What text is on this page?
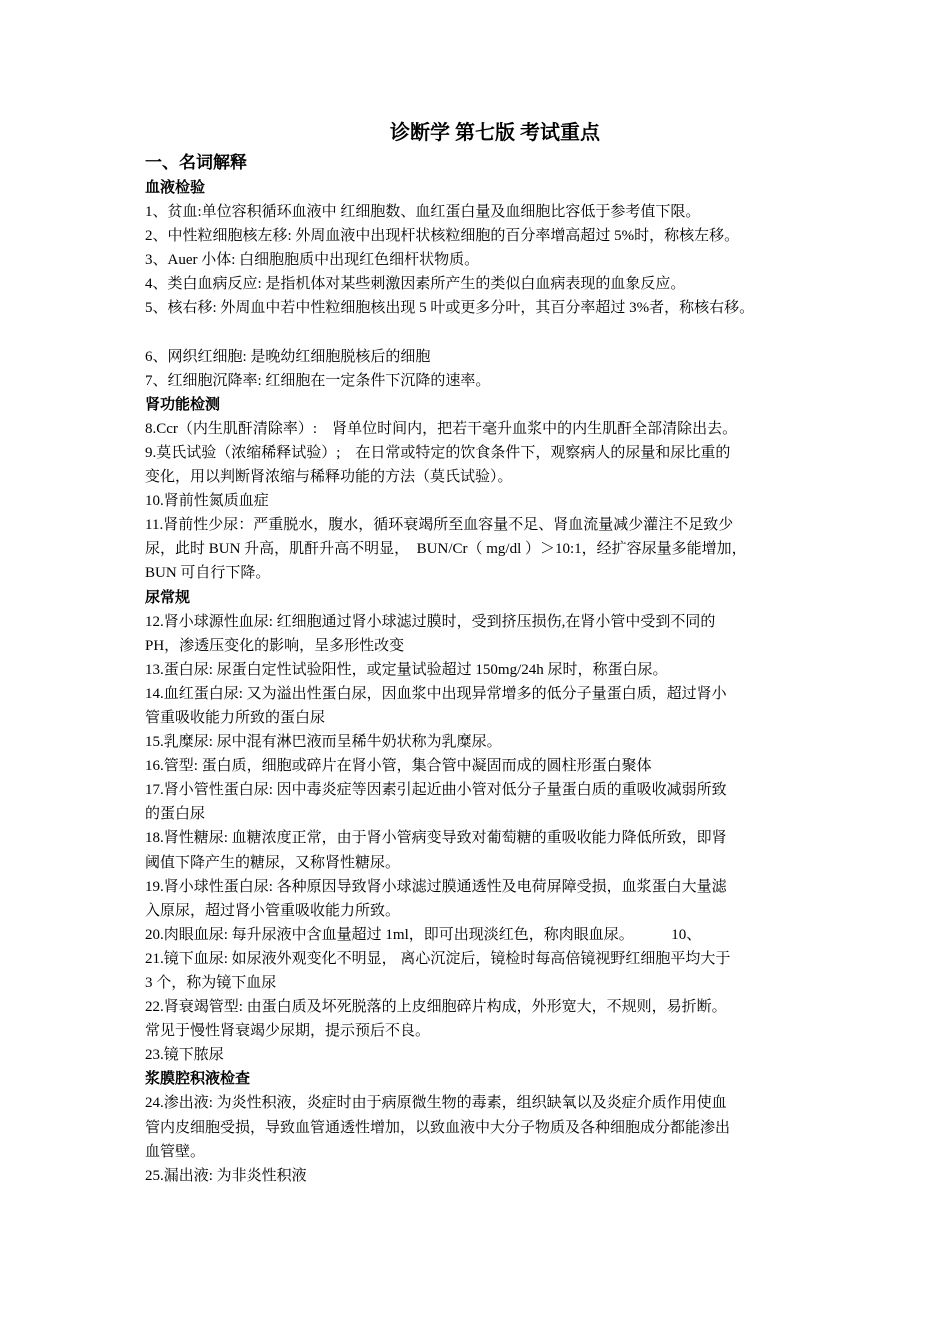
诊断学 第七版 考试重点
一、名词解释
血液检验
1、贫血:单位容积循环血液中 红细胞数、血红蛋白量及血细胞比容低于参考值下限。
2、中性粒细胞核左移: 外周血液中出现杆状核粒细胞的百分率增高超过 5%时，称核左移。
3、Auer 小体: 白细胞胞质中出现红色细杆状物质。
4、类白血病反应: 是指机体对某些刺激因素所产生的类似白血病表现的血象反应。
5、核右移: 外周血中若中性粒细胞核出现 5 叶或更多分叶，其百分率超过 3%者，称核右移。
6、网织红细胞: 是晚幼红细胞脱核后的细胞
7、红细胞沉降率: 红细胞在一定条件下沉降的速率。
肾功能检测
8.Ccr（内生肌酐清除率）:　肾单位时间内，把若干毫升血浆中的内生肌酐全部清除出去。
9.莫氏试验（浓缩稀释试验）;　在日常或特定的饮食条件下，观察病人的尿量和尿比重的
变化，用以判断肾浓缩与稀释功能的方法（莫氏试验）。
10.肾前性氮质血症
11.肾前性少尿：严重脱水，腹水，循环衰竭所至血容量不足、肾血流量减少灌注不足致少
尿，此时 BUN 升高，肌酐升高不明显，　BUN/Cr（ mg/dl ）＞10:1，经扩容尿量多能增加，
BUN 可自行下降。
尿常规
12.肾小球源性血尿: 红细胞通过肾小球滤过膜时，受到挤压损伤,在肾小管中受到不同的
PH，渗透压变化的影响，呈多形性改变
13.蛋白尿: 尿蛋白定性试验阳性，或定量试验超过 150mg/24h 尿时，称蛋白尿。
14.血红蛋白尿: 又为溢出性蛋白尿，因血浆中出现异常增多的低分子量蛋白质，超过肾小
管重吸收能力所致的蛋白尿
15.乳糜尿: 尿中混有淋巴液而呈稀牛奶状称为乳糜尿。
16.管型: 蛋白质，细胞或碎片在肾小管，集合管中凝固而成的圆柱形蛋白聚体
17.肾小管性蛋白尿: 因中毒炎症等因素引起近曲小管对低分子量蛋白质的重吸收减弱所致
的蛋白尿
18.肾性糖尿: 血糖浓度正常，由于肾小管病变导致对葡萄糖的重吸收能力降低所致，即肾
阈值下降产生的糖尿，又称肾性糖尿。
19.肾小球性蛋白尿: 各种原因导致肾小球滤过膜通透性及电荷屏障受损，血浆蛋白大量滤
入原尿，超过肾小管重吸收能力所致。
20.肉眼血尿: 每升尿液中含血量超过 1ml，即可出现淡红色，称肉眼血尿。　　　10、
21.镜下血尿: 如尿液外观变化不明显， 离心沉淀后，镜检时每高倍镜视野红细胞平均大于
3 个，称为镜下血尿
22.肾衰竭管型: 由蛋白质及坏死脱落的上皮细胞碎片构成，外形宽大，不规则，易折断。
常见于慢性肾衰竭少尿期，提示预后不良。
23.镜下脓尿
浆膜腔积液检查
24.渗出液: 为炎性积液，炎症时由于病原微生物的毒素，组织缺氧以及炎症介质作用使血
管内皮细胞受损，导致血管通透性增加，以致血液中大分子物质及各种细胞成分都能渗出
血管壁。
25.漏出液: 为非炎性积液
